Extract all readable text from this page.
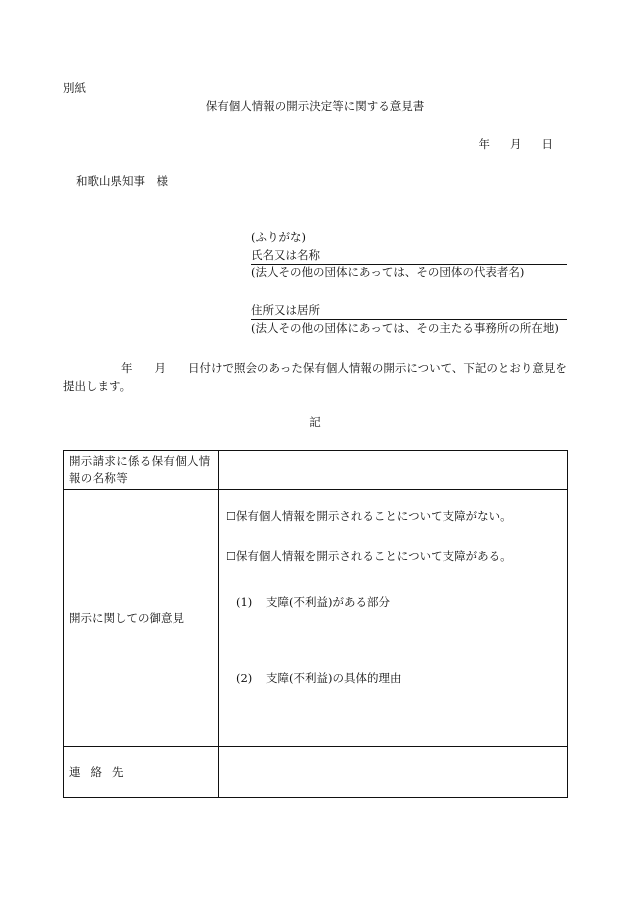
別紙
保有個人情報の開示決定等に関する意見書
年 月 日
和歌山県知事　様
(ふりがな)
氏名又は名称
(法人その他の団体にあっては、その団体の代表者名)
住所又は居所
(法人その他の団体にあっては、その主たる事務所の所在地)
年 月 日付けで照会のあった保有個人情報の開示について、下記のとおり意見を提出します。
記
開示請求に係る保有個人情報の名称等	
開示に関しての御意見	☐保有個人情報を開示されることについて支障がない。
☐保有個人情報を開示されることについて支障がある。
(1) 支障(不利益)がある部分
(2) 支障(不利益)の具体的理由

連絡先	
